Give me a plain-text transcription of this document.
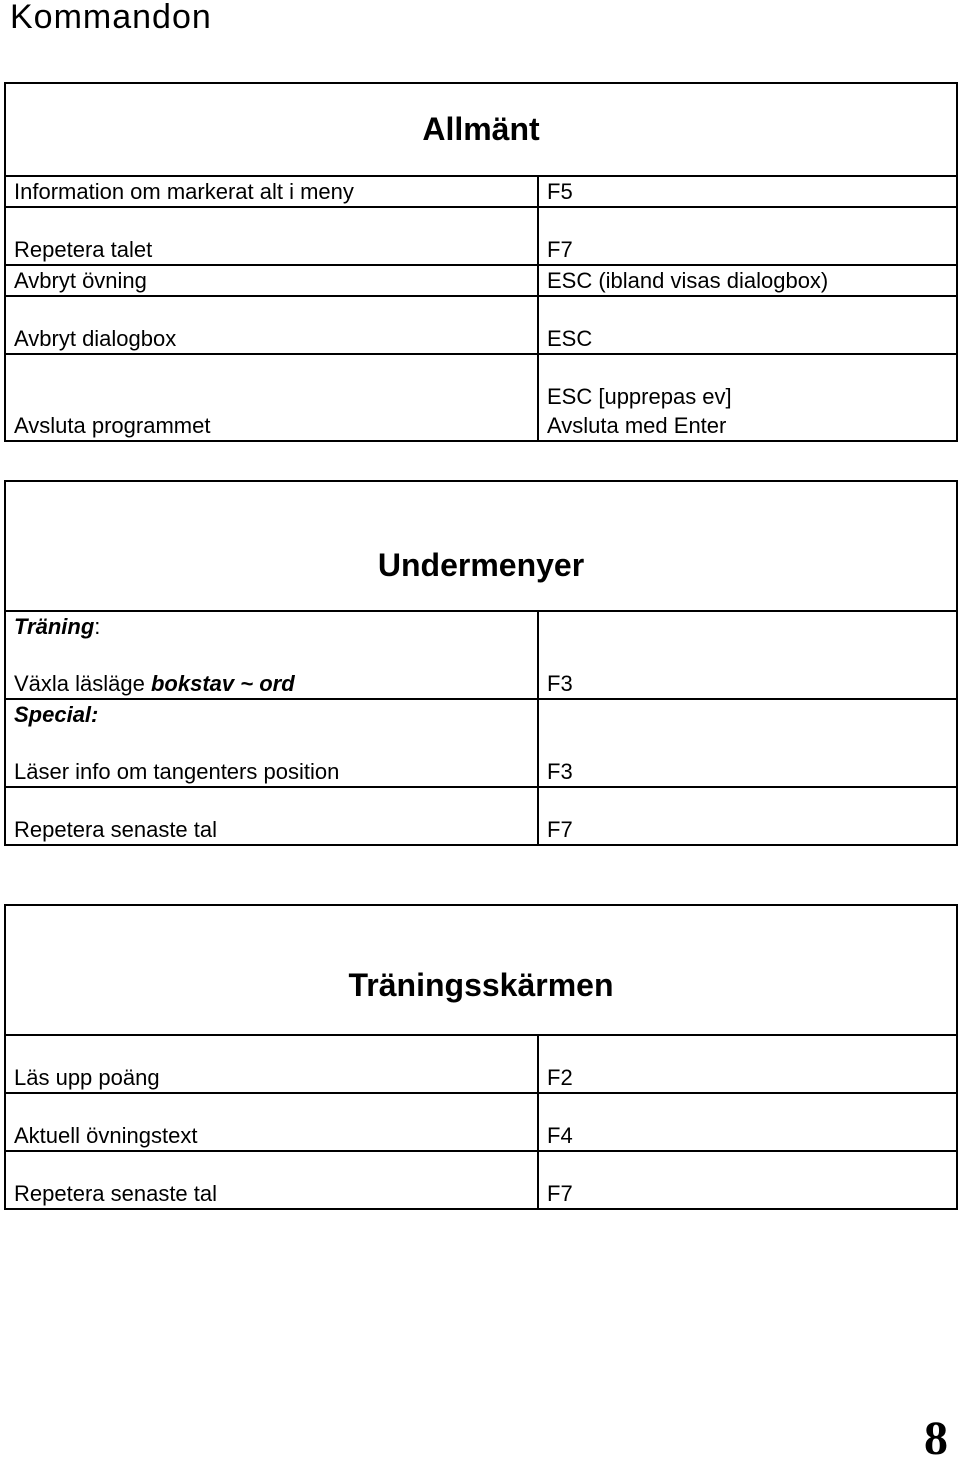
Kommandon
Allmänt	
Information om markerat alt i meny	F5
Repetera talet	F7
Avbryt övning	ESC (ibland visas dialogbox)
Avbryt dialogbox	ESC
Avsluta programmet	ESC [upprepas ev]
Avsluta med Enter
Undermenyer	

Träning:
Växla läsläge bokstav ~ ord	F3

Special:
Läser info om tangenters position	F3
Repetera senaste tal	F7
Träningsskärmen	
Läs upp poäng	F2
Aktuell övningstext	F4
Repetera senaste tal	F7
8
